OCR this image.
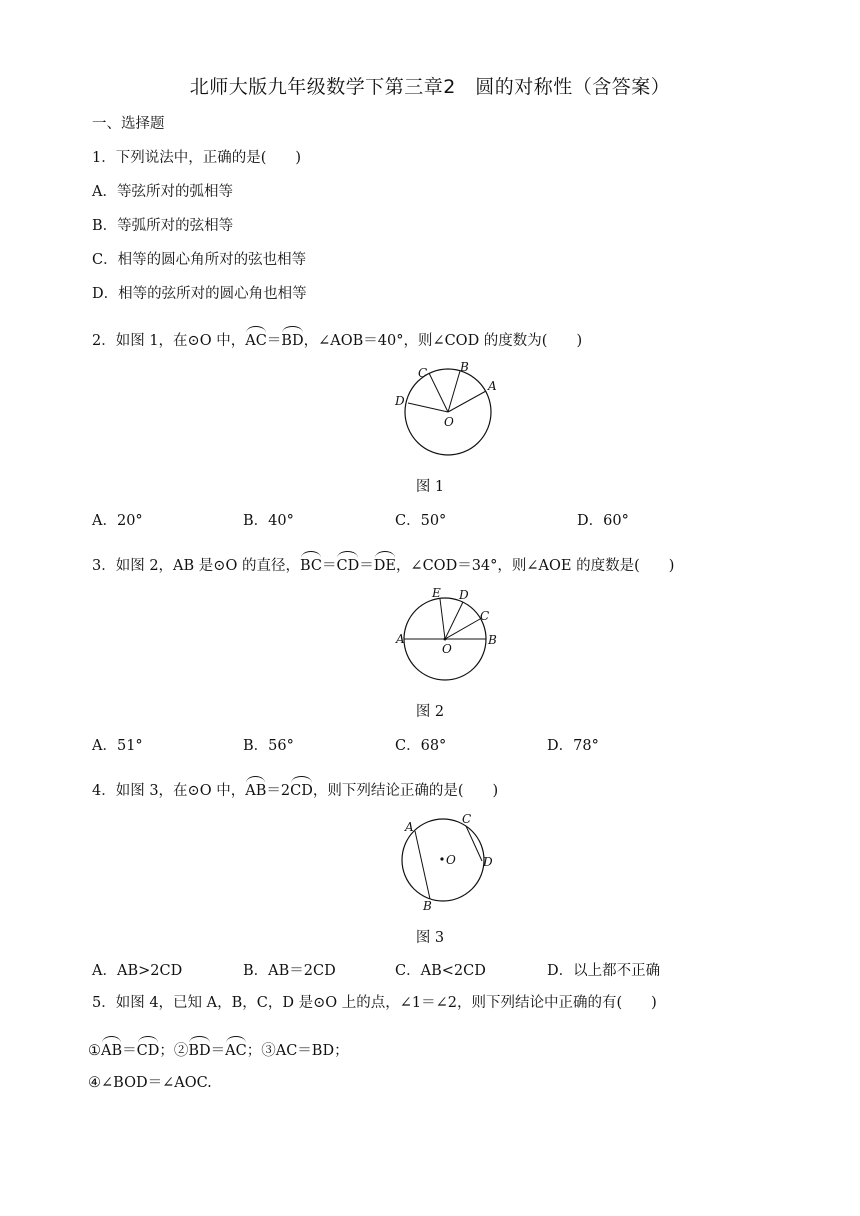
北师大版九年级数学下第三章2　圆的对称性（含答案）
一、选择题
1．下列说法中，正确的是(　　)
A．等弦所对的弧相等
B．等弧所对的弦相等
C．相等的圆心角所对的弦也相等
D．相等的弦所对的圆心角也相等
2．如图 1，在⊙O 中，AC＝BD，∠AOB＝40°，则∠COD 的度数为(　　)
A
B
C
D
O
图 1
A．20°	B．40°	C．50°	D．60°
3．如图 2，AB 是⊙O 的直径，BC＝CD＝DE，∠COD＝34°，则∠AOE 的度数是(　　)
A	B
C
D
E
O
图 2
A．51°	B．56°	C．68°	D．78°
4．如图 3，在⊙O 中，AB＝2CD，则下列结论正确的是(　　)
A
B
C
D
O
图 3
A．AB>2CD	B．AB＝2CD	C．AB<2CD	D．以上都不正确
5．如图 4，已知 A，B，C，D 是⊙O 上的点，∠1＝∠2，则下列结论中正确的有(　　)
①AB＝CD；②BD＝AC；③AC＝BD；
④∠BOD＝∠AOC.
